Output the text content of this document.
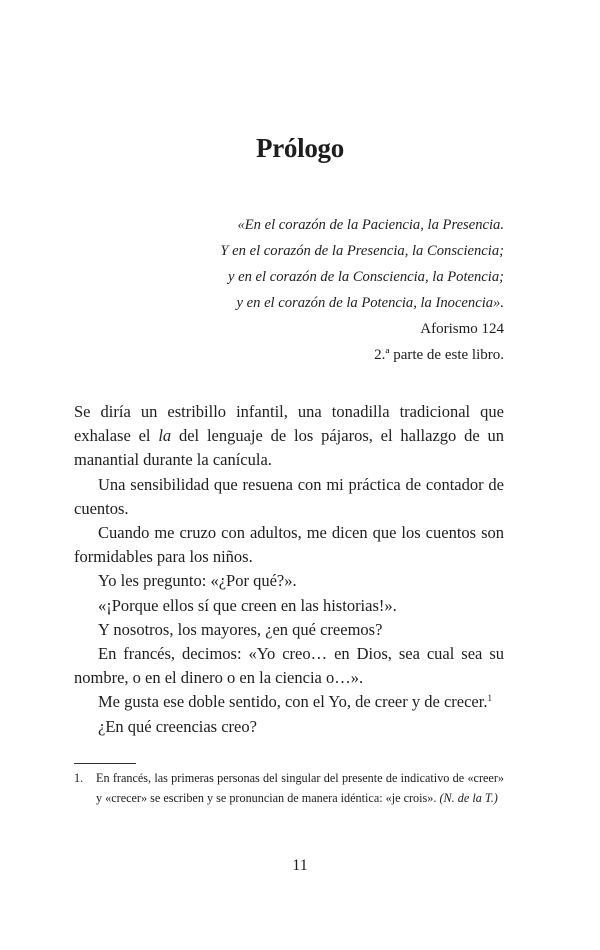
Prólogo
«En el corazón de la Paciencia, la Presencia.
Y en el corazón de la Presencia, la Consciencia;
y en el corazón de la Consciencia, la Potencia;
y en el corazón de la Potencia, la Inocencia».
Aforismo 124
2.ª parte de este libro.

Se diría un estribillo infantil, una tonadilla tradicional que exhalase el la del lenguaje de los pájaros, el hallazgo de un manantial durante la canícula.

Una sensibilidad que resuena con mi práctica de contador de cuentos.

Cuando me cruzo con adultos, me dicen que los cuentos son formidables para los niños.

Yo les pregunto: «¿Por qué?».

«¡Porque ellos sí que creen en las historias!».

Y nosotros, los mayores, ¿en qué creemos?

En francés, decimos: «Yo creo… en Dios, sea cual sea su nombre, o en el dinero o en la ciencia o…».

Me gusta ese doble sentido, con el Yo, de creer y de crecer.$^1$

¿En qué creencias creo?

1. En francés, las primeras personas del singular del presente de indicativo de «creer» y «crecer» se escriben y se pronuncian de manera idéntica: «je crois». (N. de la T.)
11
